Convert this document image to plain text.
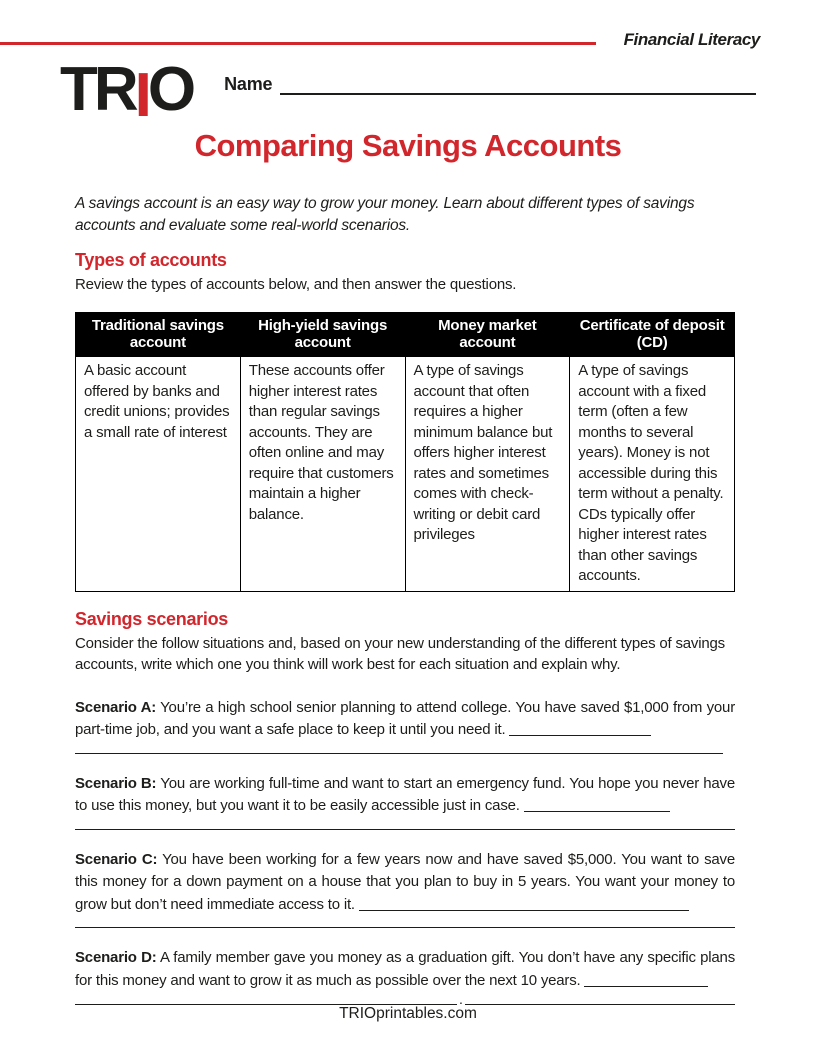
Financial Literacy
TRIO Name
Comparing Savings Accounts

A savings account is an easy way to grow your money. Learn about different types of savings accounts and evaluate some real-world scenarios.

Types of accounts

Review the types of accounts below, and then answer the questions.

Traditional savings account	High-yield savings account	Money market account	Certificate of deposit (CD)
A basic account offered by banks and credit unions; provides a small rate of interest	These accounts offer higher interest rates than regular savings accounts. They are often online and may require that customers maintain a higher balance.	A type of savings account that often requires a higher minimum balance but offers higher interest rates and sometimes comes with check-writing or debit card privileges	A type of savings account with a fixed term (often a few months to several years). Money is not accessible during this term without a penalty. CDs typically offer higher interest rates than other savings accounts.
Savings scenarios

Consider the follow situations and, based on your new understanding of the different types of savings accounts, write which one you think will work best for each situation and explain why.

Scenario A: You’re a high school senior planning to attend college. You have saved $1,000 from your part-time job, and you want a safe place to keep it until you need it.

Scenario B: You are working full-time and want to start an emergency fund. You hope you never have to use this money, but you want it to be easily accessible just in case.

Scenario C: You have been working for a few years now and have saved $5,000. You want to save this money for a down payment on a house that you plan to buy in 5 years. You want your money to grow but don’t need immediate access to it.

Scenario D: A family member gave you money as a graduation gift. You don’t have any specific plans for this money and want to grow it as much as possible over the next 10 years.

.
TRIOprintables.com
